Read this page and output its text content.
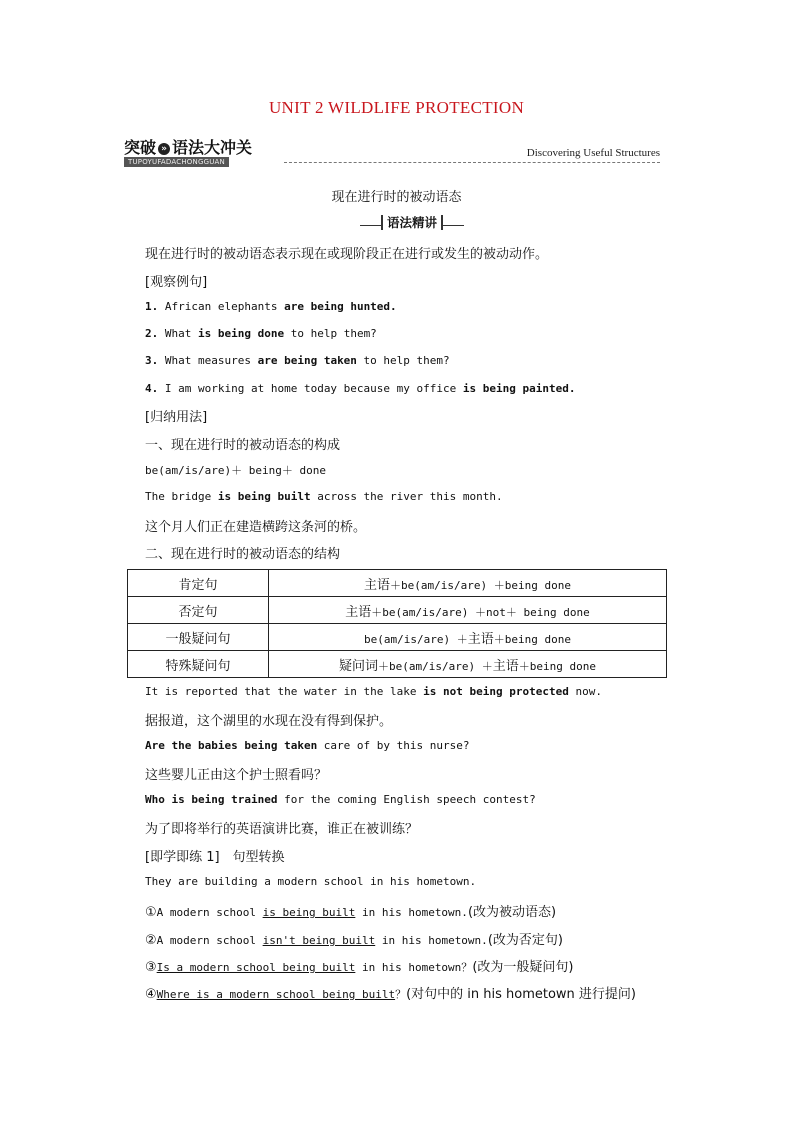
UNIT 2 WILDLIFE PROTECTION
突破 » 语法大冲关
TUPOYUFADACHONGGUAN
Discovering Useful Structures
现在进行时的被动语态
语法精讲
现在进行时的被动语态表示现在或现阶段正在进行或发生的被动动作。
[观察例句]
1. African elephants are being hunted.
2. What is being done to help them?
3. What measures are being taken to help them?
4. I am working at home today because my office is being painted.
[归纳用法]
一、现在进行时的被动语态的构成
be(am/is/are)＋ being＋ done
The bridge is being built across the river this month.
这个月人们正在建造横跨这条河的桥。
二、现在进行时的被动语态的结构
肯定句	主语＋be(am/is/are) ＋being done
否定句	主语＋be(am/is/are) ＋not＋ being done
一般疑问句	be(am/is/are) ＋主语＋being done
特殊疑问句	疑问词＋be(am/is/are) ＋主语＋being done
It is reported that the water in the lake is not being protected now.
据报道，这个湖里的水现在没有得到保护。
Are the babies being taken care of by this nurse?
这些婴儿正由这个护士照看吗？
Who is being trained for the coming English speech contest?
为了即将举行的英语演讲比赛，谁正在被训练？
[即学即练 1]　句型转换
They are building a modern school in his hometown.
①A modern school is being built in his hometown.(改为被动语态)
②A modern school isn't being built in his hometown.(改为否定句)
③Is a modern school being built in his hometown？(改为一般疑问句)
④Where is a modern school being built？(对句中的 in his hometown 进行提问)
